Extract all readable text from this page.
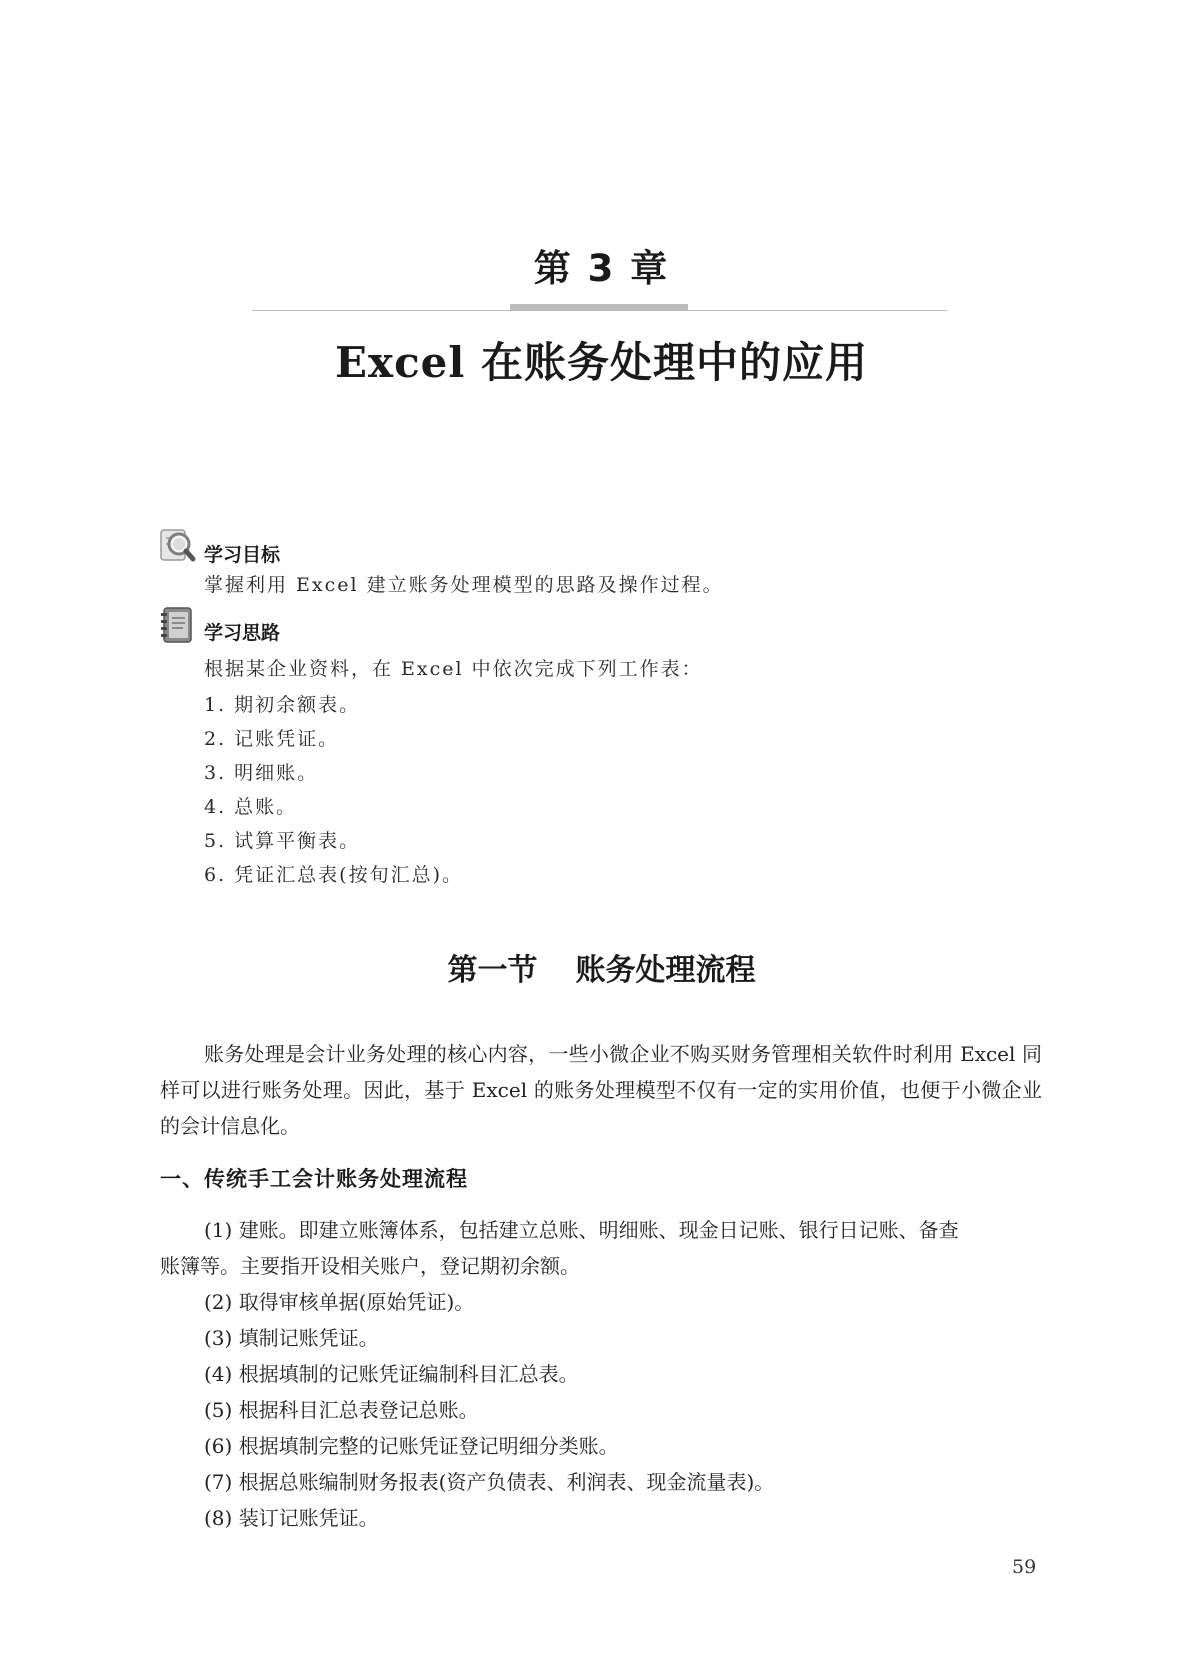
第 3 章
Excel 在账务处理中的应用
学习目标
掌握利用 Excel 建立账务处理模型的思路及操作过程。
学习思路
根据某企业资料，在 Excel 中依次完成下列工作表：
1. 期初余额表。
2. 记账凭证。
3. 明细账。
4. 总账。
5. 试算平衡表。
6. 凭证汇总表(按旬汇总)。
第一节 账务处理流程

账务处理是会计业务处理的核心内容，一些小微企业不购买财务管理相关软件时利用 Excel 同样可以进行账务处理。因此，基于 Excel 的账务处理模型不仅有一定的实用价值，也便于小微企业的会计信息化。

一、传统手工会计账务处理流程
(1) 建账。即建立账簿体系，包括建立总账、明细账、现金日记账、银行日记账、备查
账簿等。主要指开设相关账户，登记期初余额。
(2) 取得审核单据(原始凭证)。
(3) 填制记账凭证。
(4) 根据填制的记账凭证编制科目汇总表。
(5) 根据科目汇总表登记总账。
(6) 根据填制完整的记账凭证登记明细分类账。
(7) 根据总账编制财务报表(资产负债表、利润表、现金流量表)。
(8) 装订记账凭证。
59
